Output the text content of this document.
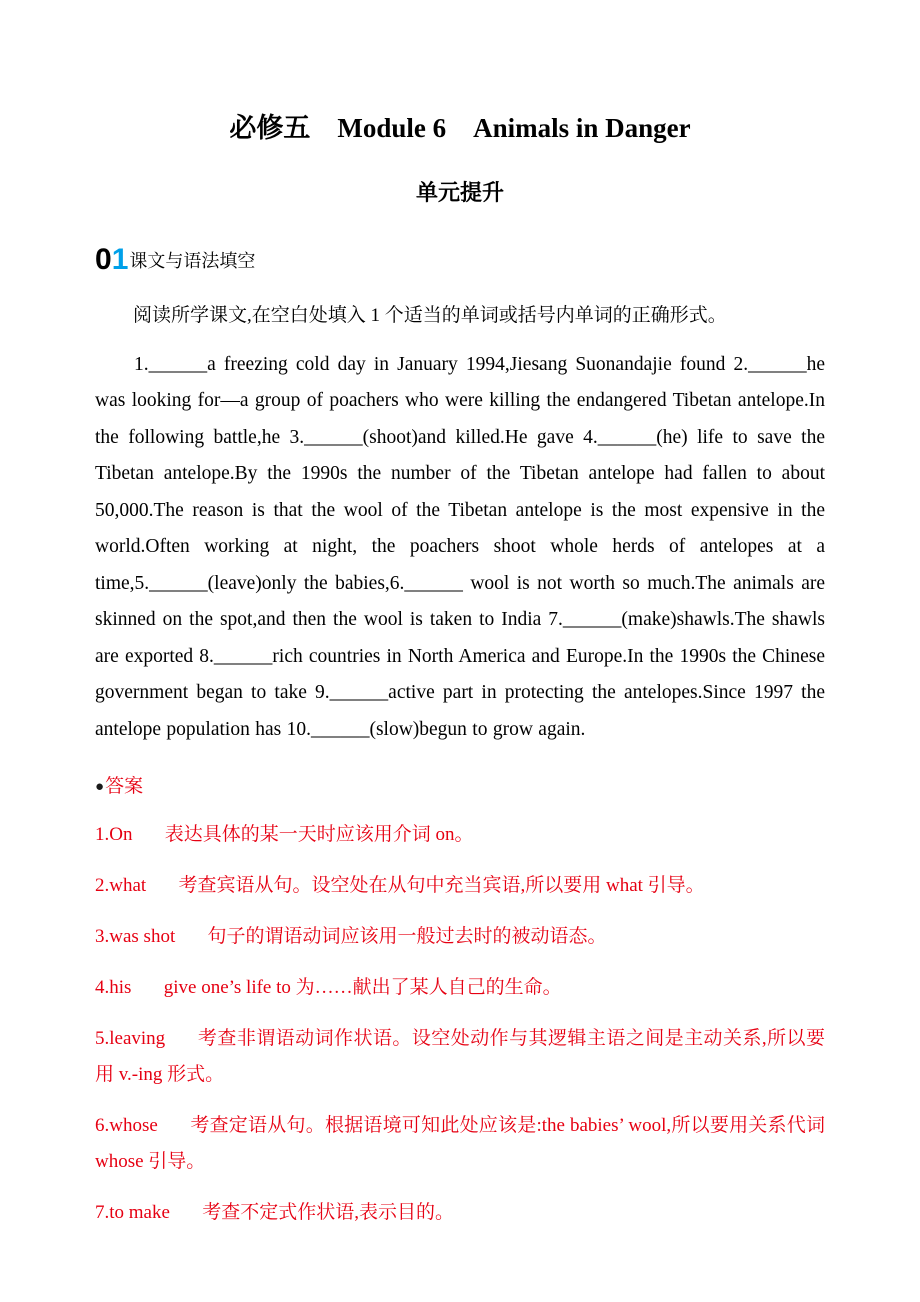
必修五　Module 6　Animals in Danger
单元提升
01课文与语法填空

阅读所学课文,在空白处填入 1 个适当的单词或括号内单词的正确形式。

1.______a freezing cold day in January 1994,Jiesang Suonandajie found 2.______he was looking for—a group of poachers who were killing the endangered Tibetan antelope.In the following battle,he 3.______(shoot)and killed.He gave 4.______(he) life to save the Tibetan antelope.By the 1990s the number of the Tibetan antelope had fallen to about 50,000.The reason is that the wool of the Tibetan antelope is the most expensive in the world.Often working at night, the poachers shoot whole herds of antelopes at a time,5.______(leave)only the babies,6.______ wool is not worth so much.The animals are skinned on the spot,and then the wool is taken to India 7.______(make)shawls.The shawls are exported 8.______rich countries in North America and Europe.In the 1990s the Chinese government began to take 9.______active part in protecting the antelopes.Since 1997 the antelope population has 10.______(slow)begun to grow again.

●答案

1.On 表达具体的某一天时应该用介词 on。

2.what 考查宾语从句。设空处在从句中充当宾语,所以要用 what 引导。

3.was shot 句子的谓语动词应该用一般过去时的被动语态。

4.his give one’s life to 为……献出了某人自己的生命。

5.leaving 考查非谓语动词作状语。设空处动作与其逻辑主语之间是主动关系,所以要用 v.-ing 形式。

6.whose 考查定语从句。根据语境可知此处应该是:the babies’ wool,所以要用关系代词 whose 引导。

7.to make 考查不定式作状语,表示目的。
